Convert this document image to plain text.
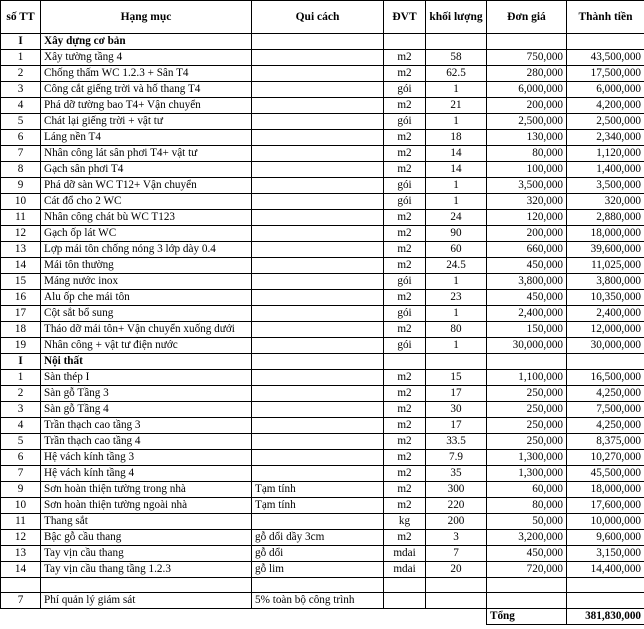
số TT	Hạng mục	Qui cách	ĐVT	khối lượng	Đơn giá	Thành tiền
I	Xây dựng cơ bản					
1	Xây tường tầng 4		m2	58	750,000	43,500,000
2	Chống thấm WC 1.2.3 + Sân T4		m2	62.5	280,000	17,500,000
3	Công cắt giếng trời và hố thang T4		gói	1	6,000,000	6,000,000
4	Phá dỡ tường bao T4+ Vận chuyển		m2	21	200,000	4,200,000
5	Chát lại giếng trời + vật tư		gói	1	2,500,000	2,500,000
6	Láng nền T4		m2	18	130,000	2,340,000
7	Nhân công lát sân phơi T4+ vật tư		m2	14	80,000	1,120,000
8	Gạch sân phơi T4		m2	14	100,000	1,400,000
9	Phá dỡ sàn WC T12+ Vận chuyển		gói	1	3,500,000	3,500,000
10	Cát đổ cho 2 WC		gói	1	320,000	320,000
11	Nhân công chát bù WC T123		m2	24	120,000	2,880,000
12	Gạch ốp lát WC		m2	90	200,000	18,000,000
13	Lợp mái tôn chống nóng 3 lớp dày 0.4		m2	60	660,000	39,600,000
14	Mái tôn thường		m2	24.5	450,000	11,025,000
15	Máng nước inox		gói	1	3,800,000	3,800,000
16	Alu ốp che mái tôn		m2	23	450,000	10,350,000
17	Cột sắt bổ sung		gói	1	2,400,000	2,400,000
18	Tháo dỡ mái tôn+ Vận chuyển xuống dưới		m2	80	150,000	12,000,000
19	Nhân công + vật tư điện nước		gói	1	30,000,000	30,000,000
I	Nội thất					
1	Sàn thép I		m2	15	1,100,000	16,500,000
2	Sàn gỗ Tầng 3		m2	17	250,000	4,250,000
3	Sàn gỗ Tầng 4		m2	30	250,000	7,500,000
4	Trần thạch cao tầng 3		m2	17	250,000	4,250,000
5	Trần thạch cao tầng 4		m2	33.5	250,000	8,375,000
6	Hệ vách kính tầng 3		m2	7.9	1,300,000	10,270,000
7	Hệ vách kính tầng 4		m2	35	1,300,000	45,500,000
9	Sơn hoàn thiện tường trong nhà	Tạm tính	m2	300	60,000	18,000,000
10	Sơn hoàn thiện tường ngoài nhà	Tạm tính	m2	220	80,000	17,600,000
11	Thang sắt		kg	200	50,000	10,000,000
12	Bậc gỗ cầu thang	gỗ dổi dầy 3cm	m2	3	3,200,000	9,600,000
13	Tay vịn cầu thang	gỗ dổi	mdai	7	450,000	3,150,000
14	Tay vịn cầu thang tầng 1.2.3	gỗ lim	mdai	20	720,000	14,400,000

7	Phí quản lý giám sát	5% toàn bộ công trình				
					Tổng	381,830,000
